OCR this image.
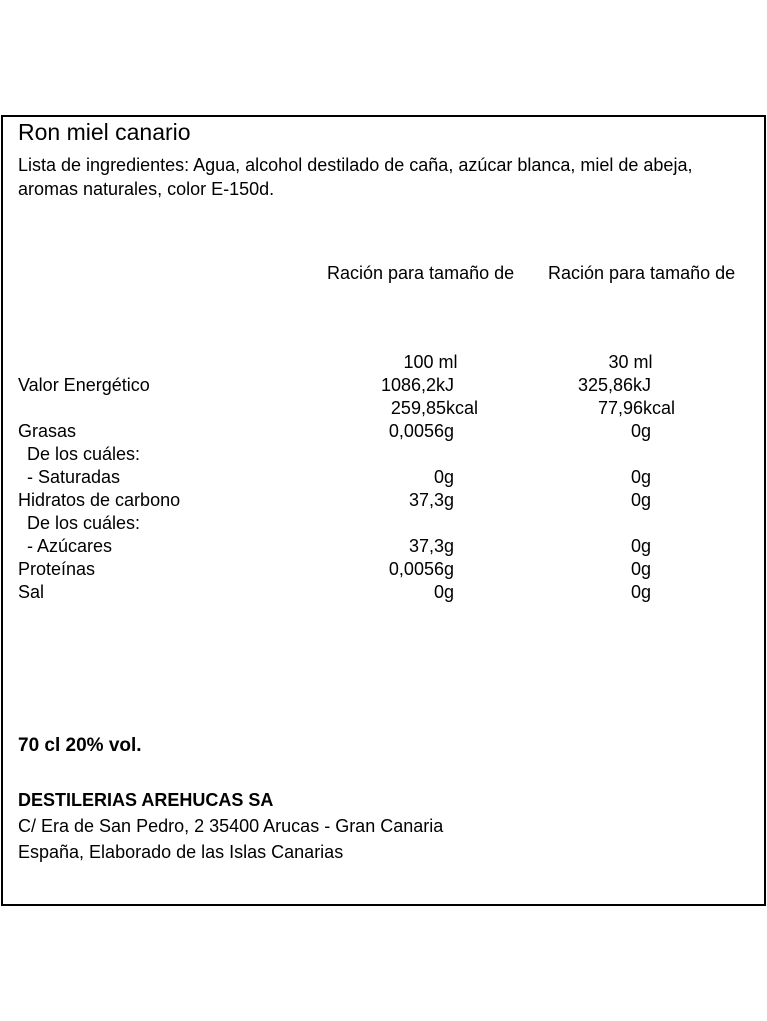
Ron miel canario
Lista de ingredientes: Agua, alcohol destilado de caña, azúcar blanca, miel de abeja, aromas naturales, color E-150d.
Ración para tamaño de Ración para tamaño de
100 ml	30 ml
Valor Energético	1086,2kJ	325,86kJ
259,85kcal	77,96kcal
Grasas	0,0056g	0g
De los cuáles:
- Saturadas	0g	0g
Hidratos de carbono	37,3g	0g
De los cuáles:
- Azúcares	37,3g	0g
Proteínas	0,0056g	0g
Sal	0g	0g
70 cl 20% vol.
DESTILERIAS AREHUCAS SA
C/ Era de San Pedro, 2 35400 Arucas - Gran Canaria
España, Elaborado de las Islas Canarias
